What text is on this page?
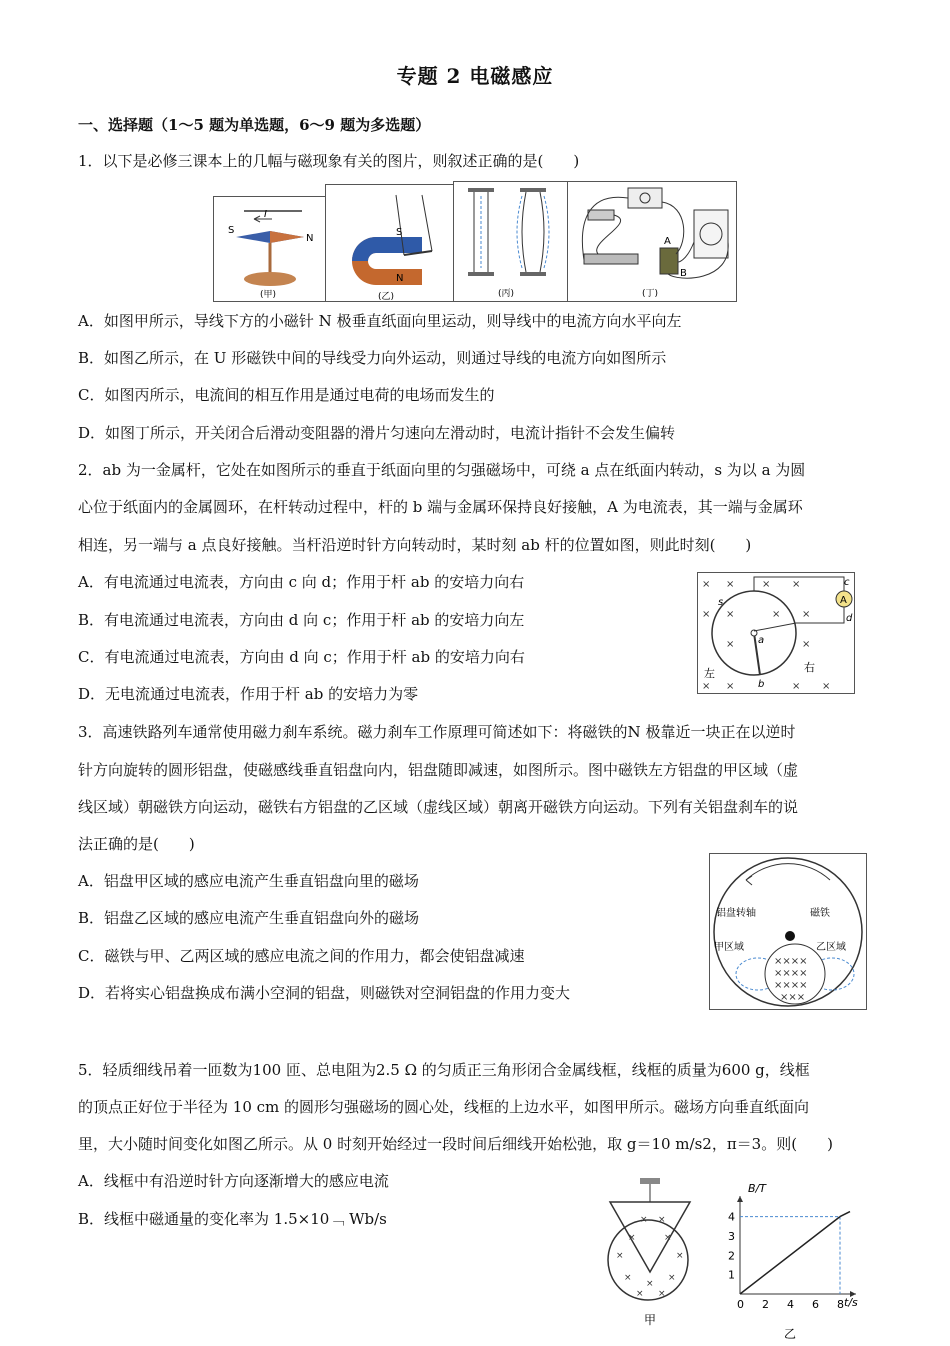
专题 2 电磁感应
一、选择题（1～5 题为单选题，6～9 题为多选题）
1．以下是必修三课本上的几幅与磁现象有关的图片，则叙述正确的是(　　)
I
S
N
(甲)
S
N
(乙)	(丙)
A
B
(丁)
A．如图甲所示，导线下方的小磁针 N 极垂直纸面向里运动，则导线中的电流方向水平向左
B．如图乙所示，在 U 形磁铁中间的导线受力向外运动，则通过导线的电流方向如图所示
C．如图丙所示，电流间的相互作用是通过电荷的电场而发生的
D．如图丁所示，开关闭合后滑动变阻器的滑片匀速向左滑动时，电流计指针不会发生偏转
2．ab 为一金属杆，它处在如图所示的垂直于纸面向里的匀强磁场中，可绕 a 点在纸面内转动，s 为以 a 为圆
心位于纸面内的金属圆环，在杆转动过程中，杆的 b 端与金属环保持良好接触，A 为电流表，其一端与金属环
相连，另一端与 a 点良好接触。当杆沿逆时针方向转动时，某时刻 ab 杆的位置如图，则此时刻(　　)
A．有电流通过电流表，方向由 c 向 d；作用于杆 ab 的安培力向右
B．有电流通过电流表，方向由 d 向 c；作用于杆 ab 的安培力向左
C．有电流通过电流表，方向由 d 向 c；作用于杆 ab 的安培力向右
D．无电流通过电流表，作用于杆 ab 的安培力为零
× ×	× ×
× ×	× ×
×	×
× ×	× ×
A
c
d
s
a
b
左	右
3．高速铁路列车通常使用磁力刹车系统。磁力刹车工作原理可简述如下：将磁铁的N 极靠近一块正在以逆时
针方向旋转的圆形铝盘，使磁感线垂直铝盘向内，铝盘随即减速，如图所示。图中磁铁左方铝盘的甲区域（虚
线区域）朝磁铁方向运动，磁铁右方铝盘的乙区域（虚线区域）朝离开磁铁方向运动。下列有关铝盘刹车的说
法正确的是(　　)
A．铝盘甲区域的感应电流产生垂直铝盘向里的磁场
B．铝盘乙区域的感应电流产生垂直铝盘向外的磁场
C．磁铁与甲、乙两区域的感应电流之间的作用力，都会使铝盘减速
D．若将实心铝盘换成布满小空洞的铝盘，则磁铁对空洞铝盘的作用力变大
铝盘转轴	磁铁
甲区域	乙区域
××××
××××
××××
×××
5．轻质细线吊着一匝数为100 匝、总电阻为2.5 Ω 的匀质正三角形闭合金属线框，线框的质量为600 g，线框
的顶点正好位于半径为 10 cm 的圆形匀强磁场的圆心处，线框的上边水平，如图甲所示。磁场方向垂直纸面向
里，大小随时间变化如图乙所示。从 0 时刻开始经过一段时间后细线开始松弛，取 g＝10 m/s2，π＝3。则(　　)
A．线框中有沿逆时针方向逐渐增大的感应电流
B．线框中磁通量的变化率为 1.5×10﹁ Wb/s	× ×
×	×
×	×
×
×
×
× ×
甲
B/T
t/s
乙
0 2 4 6 8
1
2
3
4
